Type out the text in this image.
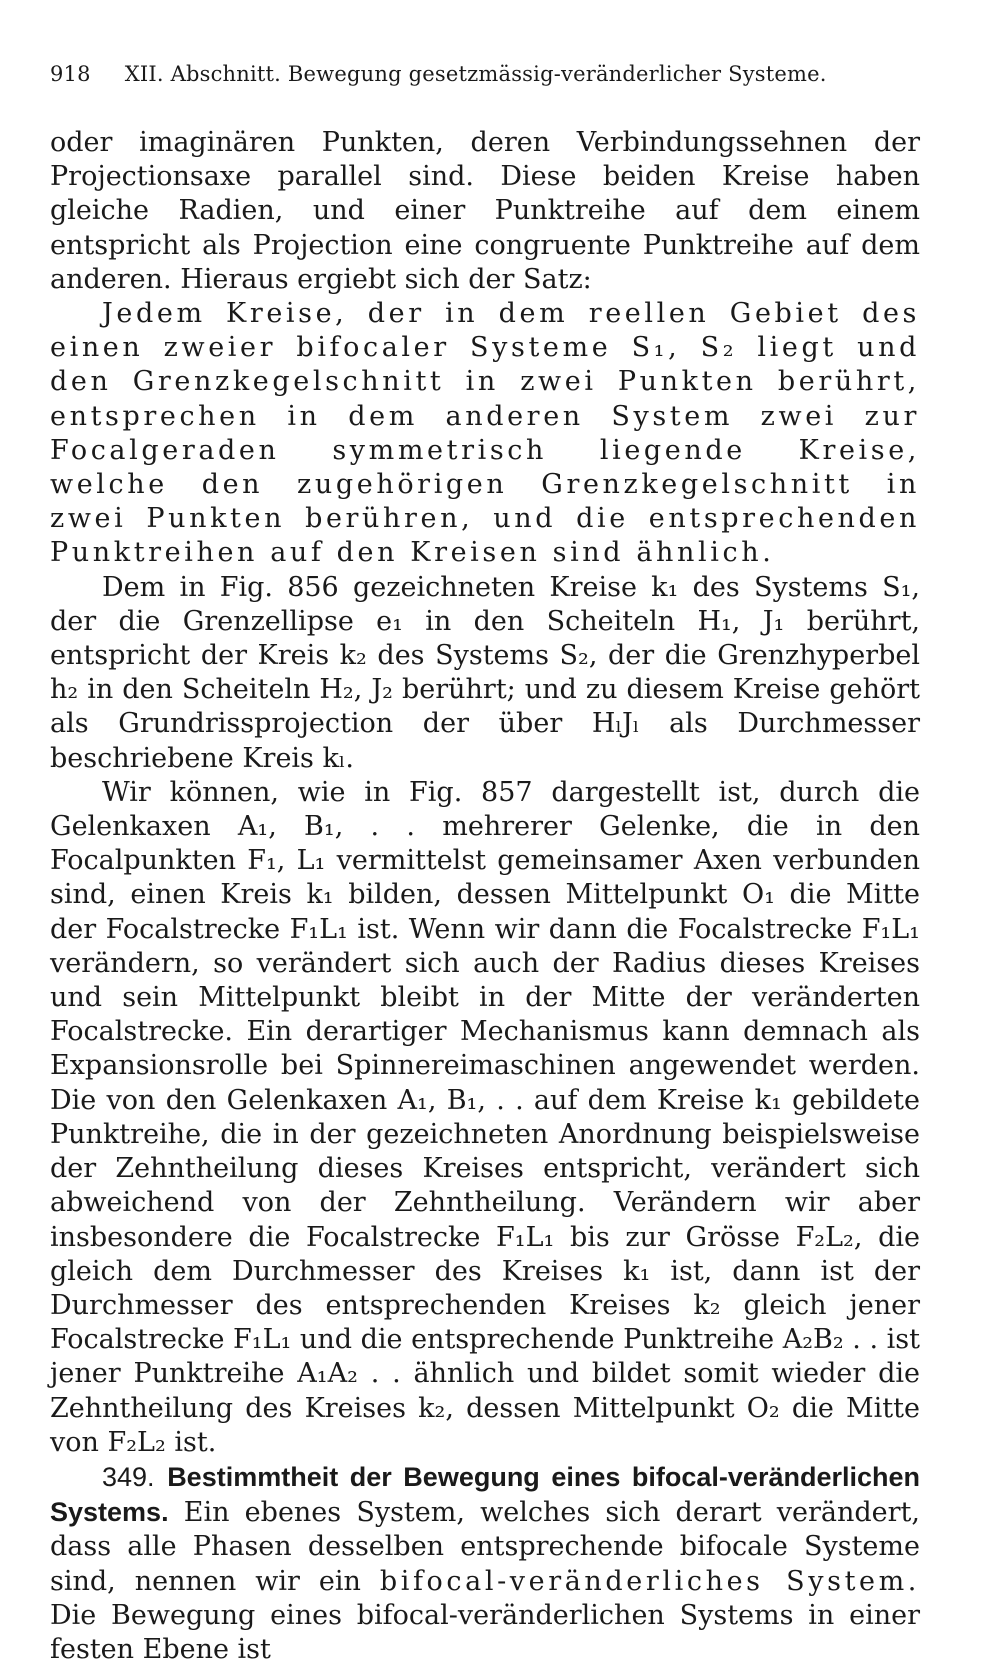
918 XII. Abschnitt. Bewegung gesetzmässig-veränderlicher Systeme.

oder imaginären Punkten, deren Verbindungssehnen der Projectionsaxe parallel sind. Diese beiden Kreise haben gleiche Radien, und einer Punktreihe auf dem einem entspricht als Projection eine congruente Punktreihe auf dem anderen. Hieraus ergiebt sich der Satz:

Jedem Kreise, der in dem reellen Gebiet des einen zweier bifocaler Systeme S₁, S₂ liegt und den Grenzkegelschnitt in zwei Punkten berührt, entsprechen in dem anderen System zwei zur Focalgeraden symmetrisch liegende Kreise, welche den zugehörigen Grenzkegelschnitt in zwei Punkten berühren, und die entsprechenden Punktreihen auf den Kreisen sind ähnlich.

Dem in Fig. 856 gezeichneten Kreise k₁ des Systems S₁, der die Grenzellipse e₁ in den Scheiteln H₁, J₁ berührt, entspricht der Kreis k₂ des Systems S₂, der die Grenzhyperbel h₂ in den Scheiteln H₂, J₂ berührt; und zu diesem Kreise gehört als Grundrissprojection der über HₗJₗ als Durchmesser beschriebene Kreis kₗ.

Wir können, wie in Fig. 857 dargestellt ist, durch die Gelenkaxen A₁, B₁, . . mehrerer Gelenke, die in den Focalpunkten F₁, L₁ vermittelst gemeinsamer Axen verbunden sind, einen Kreis k₁ bilden, dessen Mittelpunkt O₁ die Mitte der Focalstrecke F₁L₁ ist. Wenn wir dann die Focalstrecke F₁L₁ verändern, so verändert sich auch der Radius dieses Kreises und sein Mittelpunkt bleibt in der Mitte der veränderten Focalstrecke. Ein derartiger Mechanismus kann demnach als Expansionsrolle bei Spinnereimaschinen angewendet werden. Die von den Gelenkaxen A₁, B₁, . . auf dem Kreise k₁ gebildete Punktreihe, die in der gezeichneten Anordnung beispielsweise der Zehntheilung dieses Kreises entspricht, verändert sich abweichend von der Zehntheilung. Verändern wir aber insbesondere die Focalstrecke F₁L₁ bis zur Grösse F₂L₂, die gleich dem Durchmesser des Kreises k₁ ist, dann ist der Durchmesser des entsprechenden Kreises k₂ gleich jener Focalstrecke F₁L₁ und die entsprechende Punktreihe A₂B₂ . . ist jener Punktreihe A₁A₂ . . ähnlich und bildet somit wieder die Zehntheilung des Kreises k₂, dessen Mittelpunkt O₂ die Mitte von F₂L₂ ist.

349. Bestimmtheit der Bewegung eines bifocal-veränderlichen Systems. Ein ebenes System, welches sich derart verändert, dass alle Phasen desselben entsprechende bifocale Systeme sind, nennen wir ein bifocal-veränderliches System. Die Bewegung eines bifocal-veränderlichen Systems in einer festen Ebene ist
